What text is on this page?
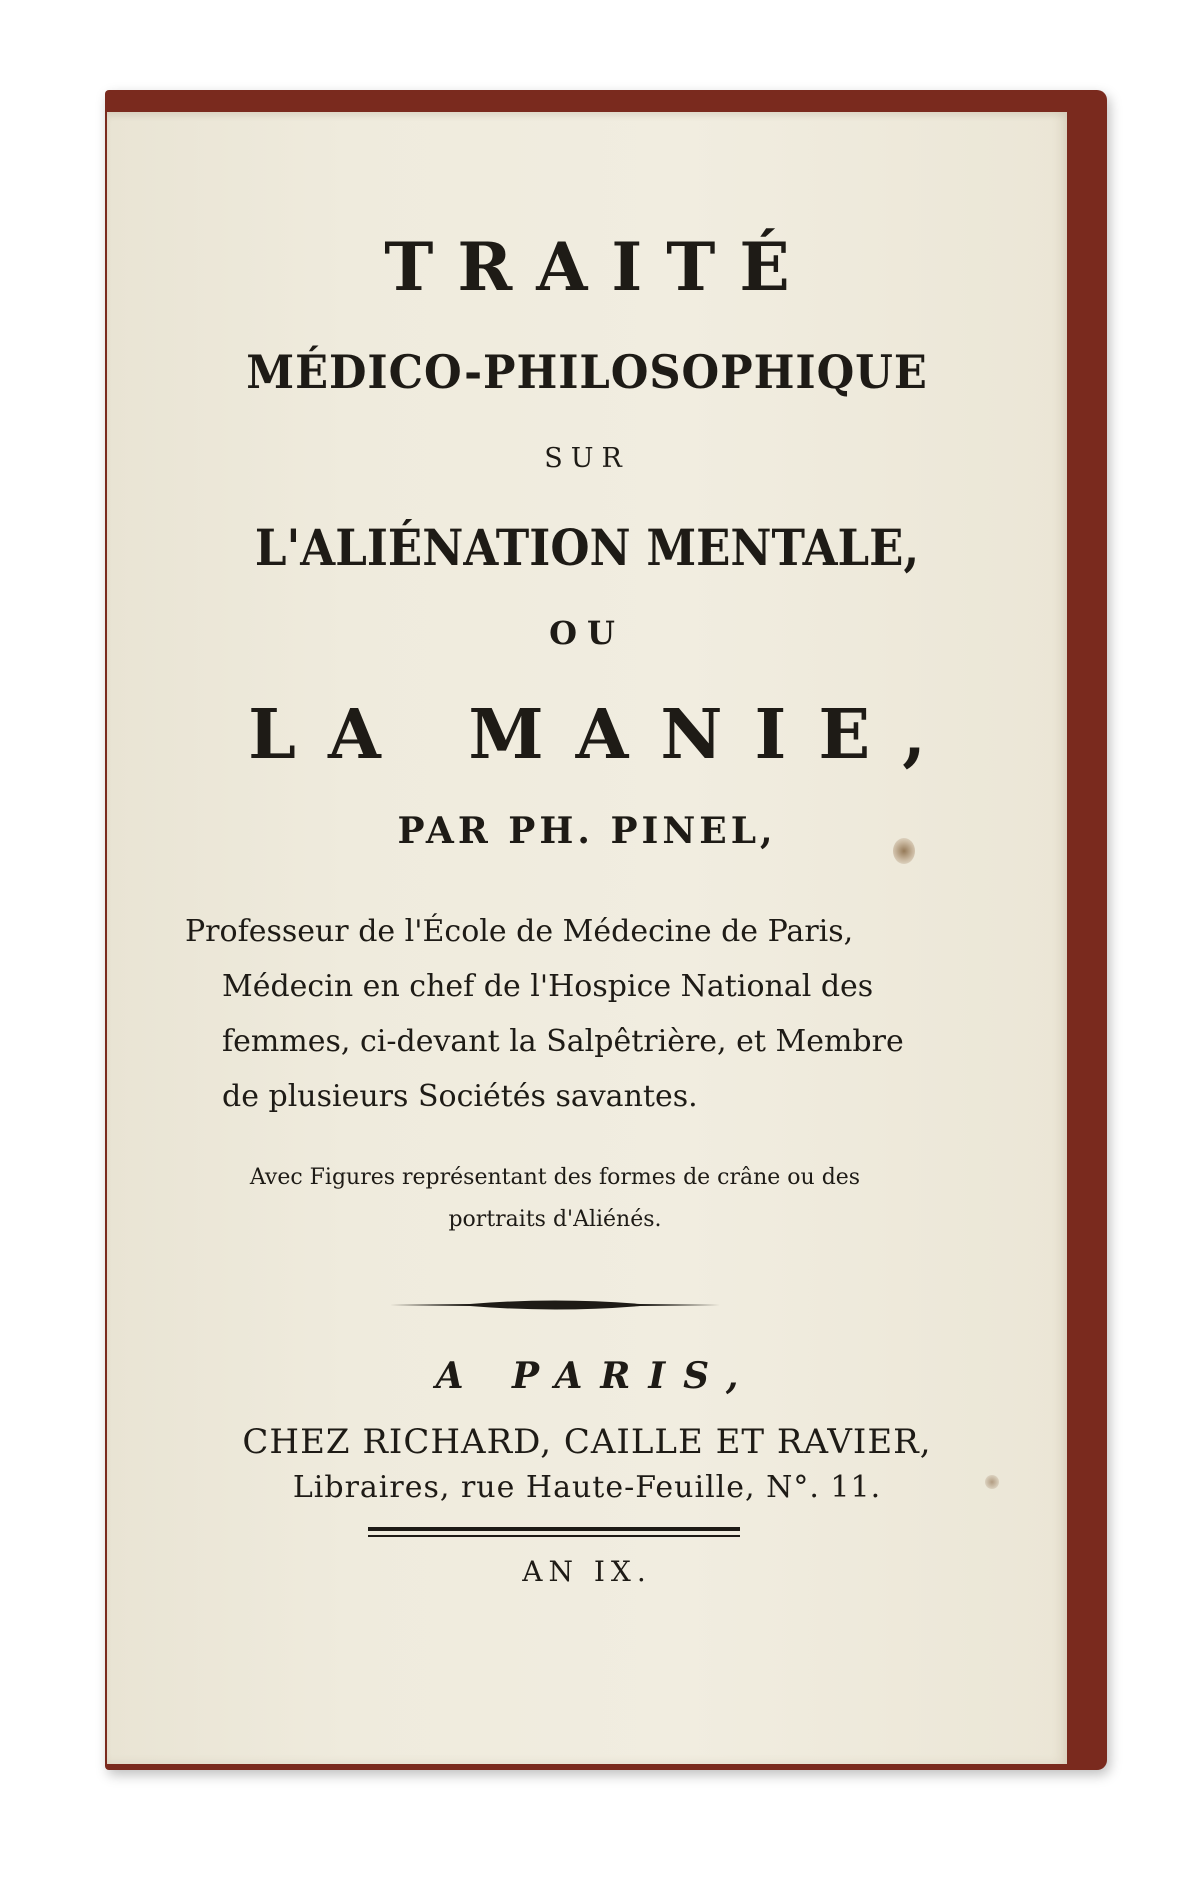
TRAITÉ

MÉDICO-PHILOSOPHIQUE

SUR

L'ALIÉNATION MENTALE,

OU

LA MANIE,

PAR PH. PINEL,

Professeur de l'École de Médecine de Paris,

Médecin en chef de l'Hospice National des

femmes, ci-devant la Salpêtrière, et Membre

de plusieurs Sociétés savantes.

Avec Figures représentant des formes de crâne ou des

portraits d'Aliénés.

A PARIS,

CHEZ RICHARD, CAILLE ET RAVIER,

Libraires, rue Haute-Feuille, N°. 11.

AN IX.
